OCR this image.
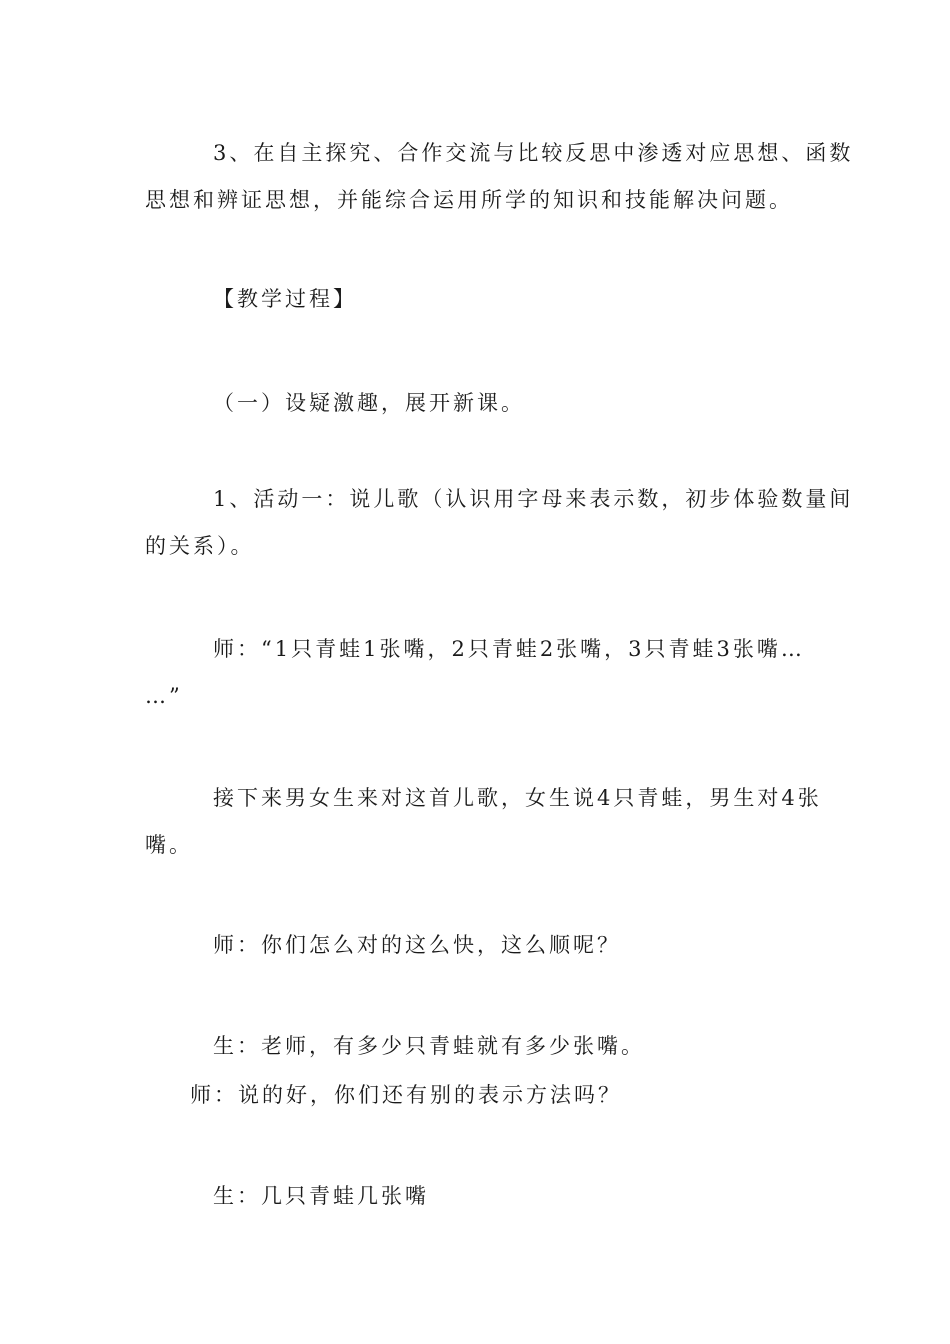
3、在自主探究、合作交流与比较反思中渗透对应思想、函数
思想和辨证思想，并能综合运用所学的知识和技能解决问题。
【教学过程】
（一）设疑激趣，展开新课。
1、活动一：说儿歌（认识用字母来表示数，初步体验数量间
的关系）。
师：“1只青蛙1张嘴，2只青蛙2张嘴，3只青蛙3张嘴…
…”
接下来男女生来对这首儿歌，女生说4只青蛙，男生对4张
嘴。
师：你们怎么对的这么快，这么顺呢？
生：老师，有多少只青蛙就有多少张嘴。
师：说的好，你们还有别的表示方法吗？
生：几只青蛙几张嘴
